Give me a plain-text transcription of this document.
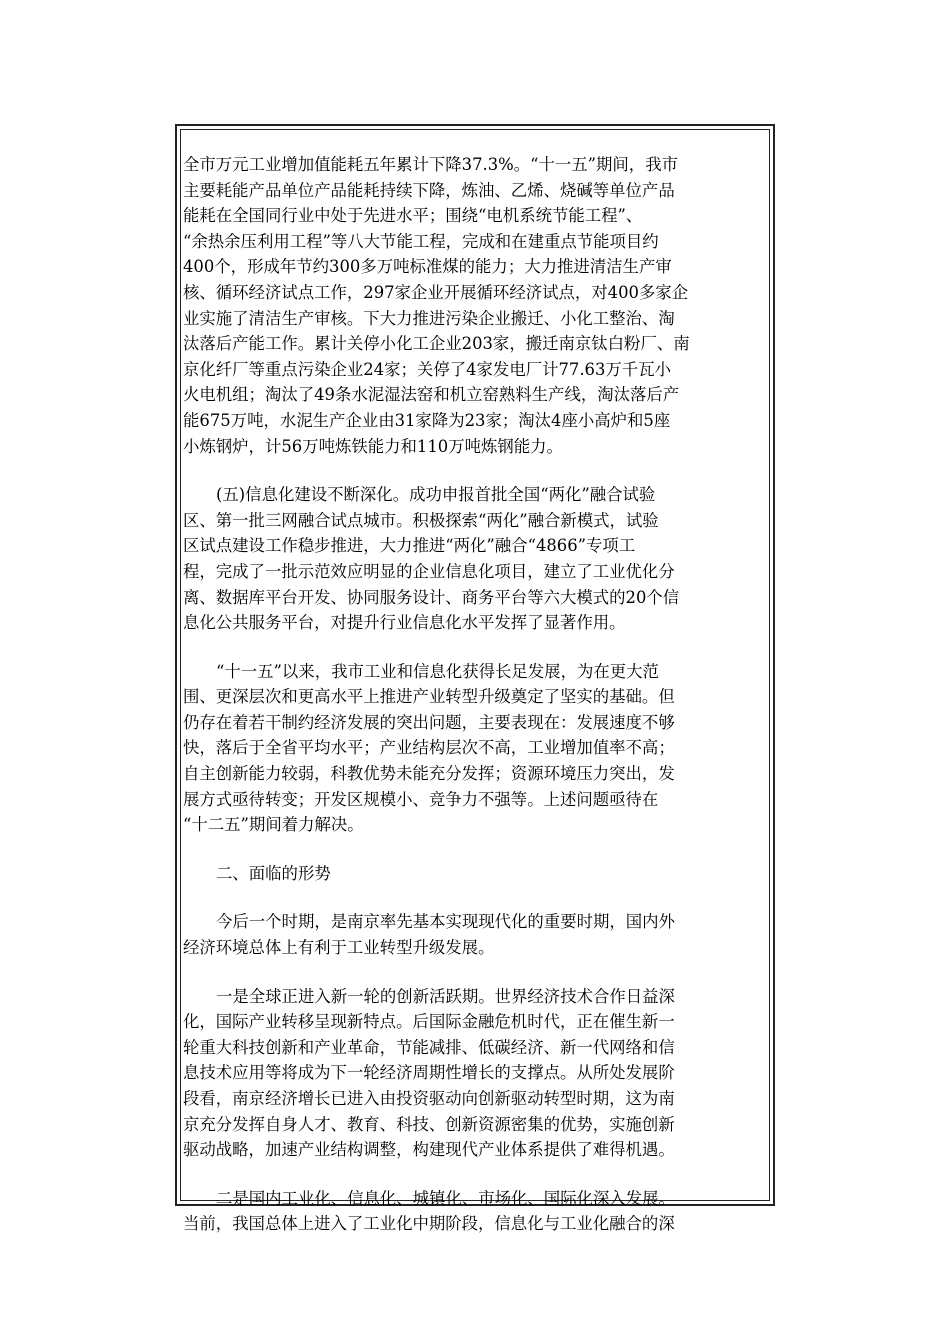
全市万元工业增加值能耗五年累计下降37.3%。“十一五”期间，我市
主要耗能产品单位产品能耗持续下降，炼油、乙烯、烧碱等单位产品
能耗在全国同行业中处于先进水平；围绕“电机系统节能工程”、
“余热余压利用工程”等八大节能工程，完成和在建重点节能项目约
400个，形成年节约300多万吨标准煤的能力；大力推进清洁生产审
核、循环经济试点工作，297家企业开展循环经济试点，对400多家企
业实施了清洁生产审核。下大力推进污染企业搬迁、小化工整治、淘
汰落后产能工作。累计关停小化工企业203家，搬迁南京钛白粉厂、南
京化纤厂等重点污染企业24家；关停了4家发电厂计77.63万千瓦小
火电机组；淘汰了49条水泥湿法窑和机立窑熟料生产线，淘汰落后产
能675万吨，水泥生产企业由31家降为23家；淘汰4座小高炉和5座
小炼钢炉，计56万吨炼铁能力和110万吨炼钢能力。

(五)信息化建设不断深化。成功申报首批全国“两化”融合试验
区、第一批三网融合试点城市。积极探索“两化”融合新模式，试验
区试点建设工作稳步推进，大力推进“两化”融合“4866”专项工
程，完成了一批示范效应明显的企业信息化项目，建立了工业优化分
离、数据库平台开发、协同服务设计、商务平台等六大模式的20个信
息化公共服务平台，对提升行业信息化水平发挥了显著作用。

“十一五”以来，我市工业和信息化获得长足发展，为在更大范
围、更深层次和更高水平上推进产业转型升级奠定了坚实的基础。但
仍存在着若干制约经济发展的突出问题，主要表现在：发展速度不够
快，落后于全省平均水平；产业结构层次不高，工业增加值率不高；
自主创新能力较弱，科教优势未能充分发挥；资源环境压力突出，发
展方式亟待转变；开发区规模小、竞争力不强等。上述问题亟待在
“十二五”期间着力解决。

二、面临的形势

今后一个时期，是南京率先基本实现现代化的重要时期，国内外
经济环境总体上有利于工业转型升级发展。

一是全球正进入新一轮的创新活跃期。世界经济技术合作日益深
化，国际产业转移呈现新特点。后国际金融危机时代，正在催生新一
轮重大科技创新和产业革命，节能减排、低碳经济、新一代网络和信
息技术应用等将成为下一轮经济周期性增长的支撑点。从所处发展阶
段看，南京经济增长已进入由投资驱动向创新驱动转型时期，这为南
京充分发挥自身人才、教育、科技、创新资源密集的优势，实施创新
驱动战略，加速产业结构调整，构建现代产业体系提供了难得机遇。

二是国内工业化、信息化、城镇化、市场化、国际化深入发展。
当前，我国总体上进入了工业化中期阶段，信息化与工业化融合的深
